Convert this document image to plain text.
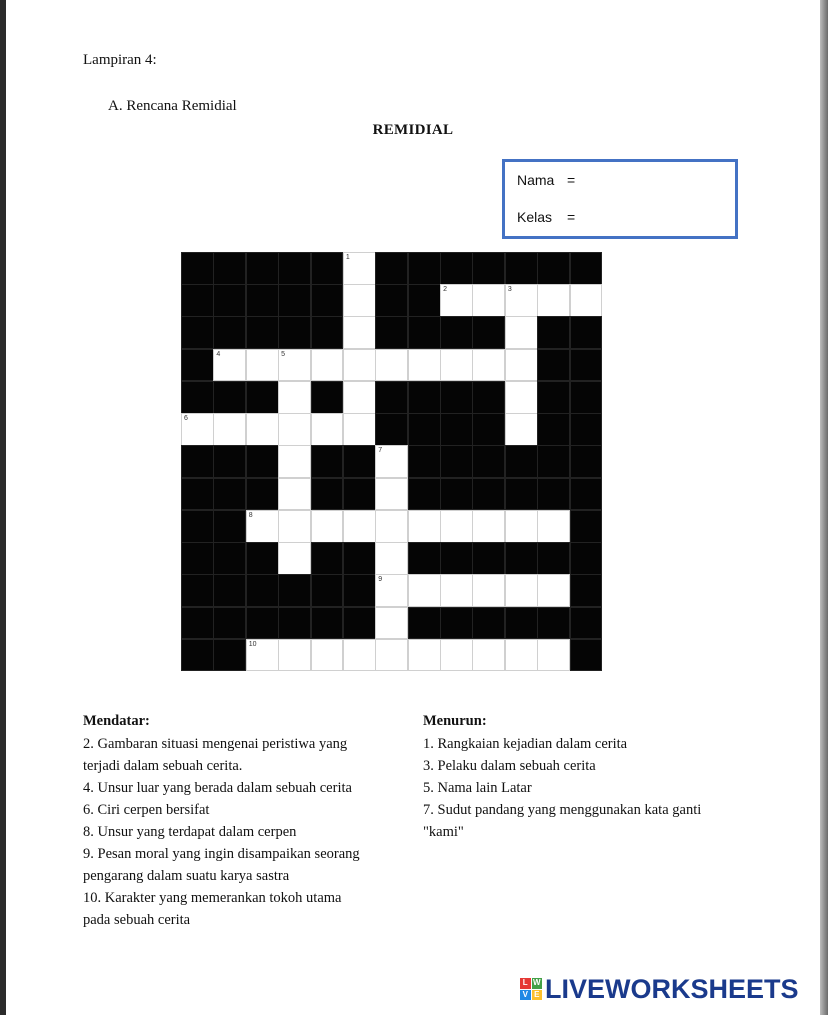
Lampiran 4:
A. Rencana Remidial
REMIDIAL
Nama =
Kelas =
1
2	3
4	5
6
7
8
9
10
Mendatar:
2. Gambaran situasi mengenai peristiwa yang
terjadi dalam sebuah cerita.
4. Unsur luar yang berada dalam sebuah cerita
6. Ciri cerpen bersifat
8. Unsur yang terdapat dalam cerpen
9. Pesan moral yang ingin disampaikan seorang
pengarang dalam suatu karya sastra
10. Karakter yang memerankan tokoh utama
pada sebuah cerita
Menurun:
1. Rangkaian kejadian dalam cerita
3. Pelaku dalam sebuah cerita
5. Nama lain Latar
7. Sudut pandang yang menggunakan kata ganti
"kami"
L W
V E LIVEWORKSHEETS
